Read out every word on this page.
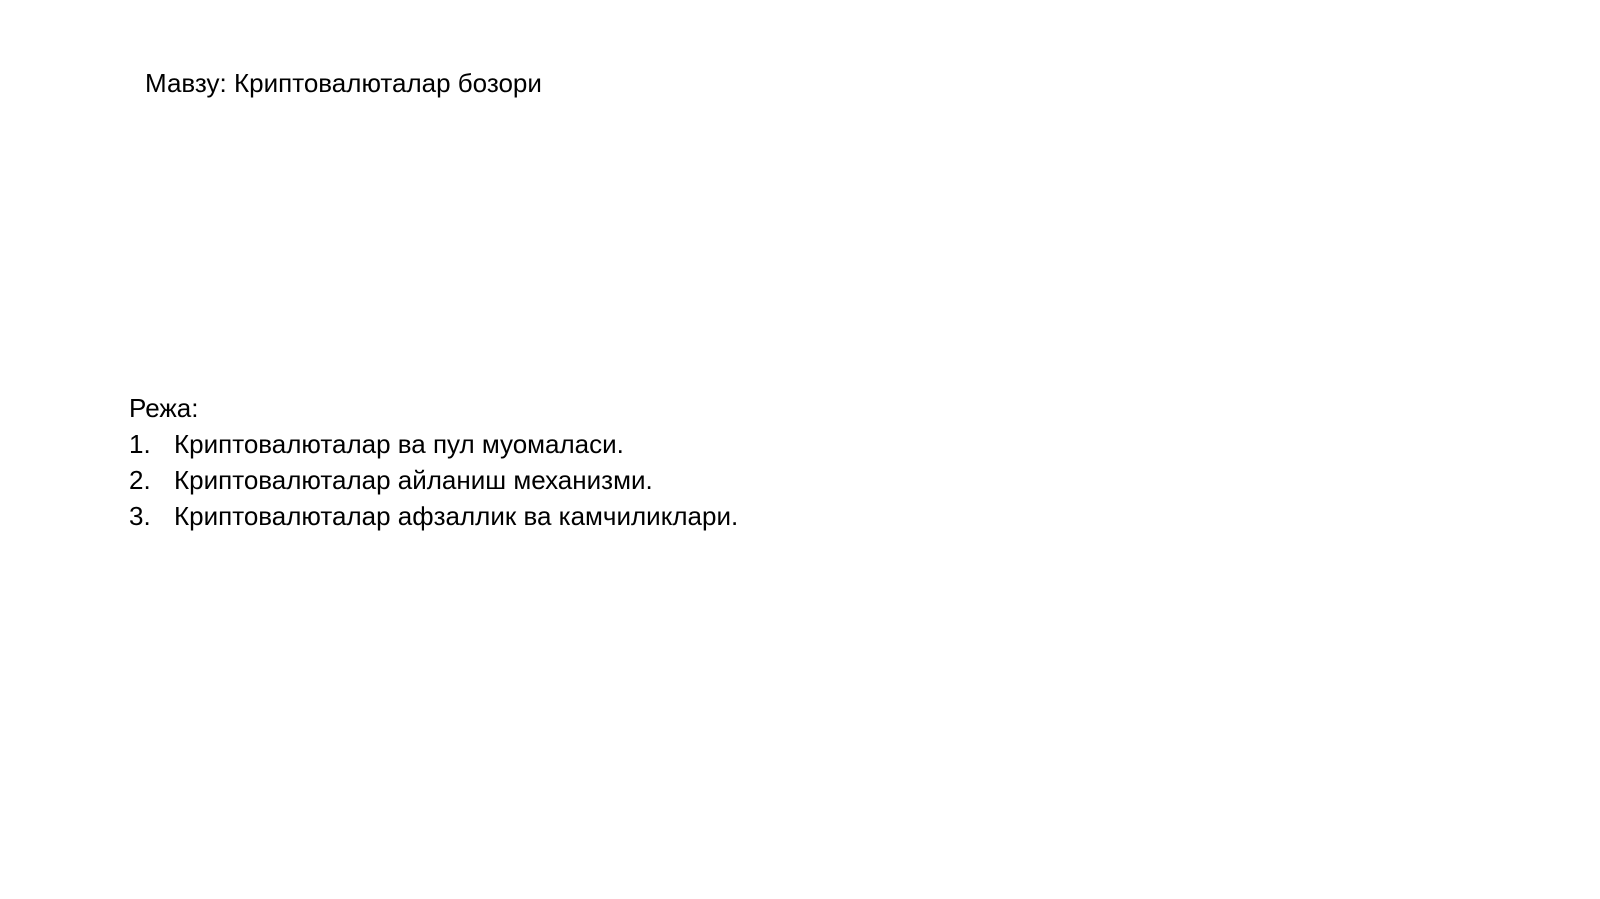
Мавзу: Криптовалюталар бозори
Режа:
1. Криптовалюталар ва пул муомаласи.
2. Криптовалюталар айланиш механизми.
3. Криптовалюталар афзаллик ва камчиликлари.
